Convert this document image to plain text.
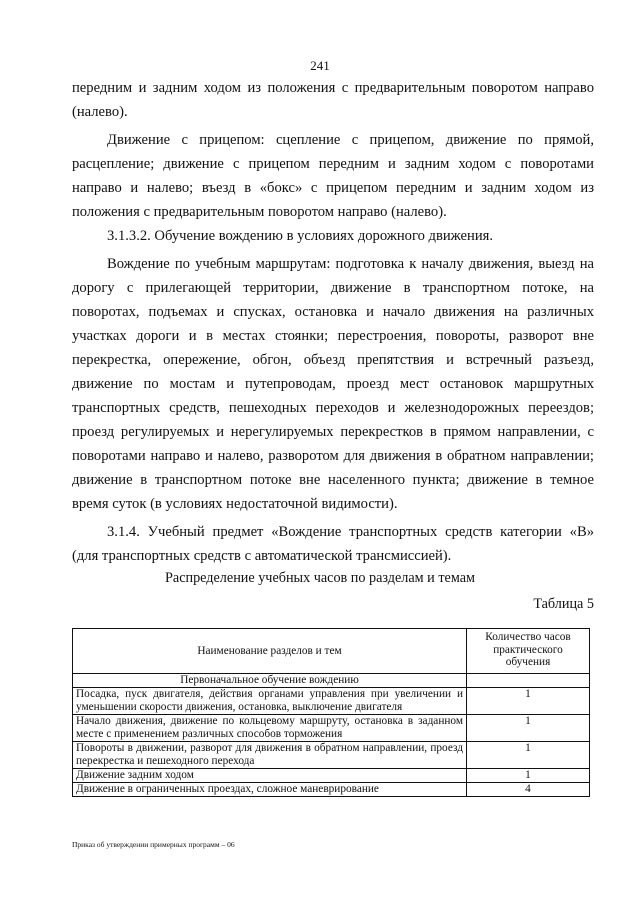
241

передним и задним ходом из положения с предварительным поворотом направо (налево).

Движение с прицепом: сцепление с прицепом, движение по прямой, расцепление; движение с прицепом передним и задним ходом с поворотами направо и налево; въезд в «бокс» с прицепом передним и задним ходом из положения с предварительным поворотом направо (налево).

3.1.3.2. Обучение вождению в условиях дорожного движения.

Вождение по учебным маршрутам: подготовка к началу движения, выезд на дорогу с прилегающей территории, движение в транспортном потоке, на поворотах, подъемах и спусках, остановка и начало движения на различных участках дороги и в местах стоянки; перестроения, повороты, разворот вне перекрестка, опережение, обгон, объезд препятствия и встречный разъезд, движение по мостам и путепроводам, проезд мест остановок маршрутных транспортных средств, пешеходных переходов и железнодорожных переездов; проезд регулируемых и нерегулируемых перекрестков в прямом направлении, с поворотами направо и налево, разворотом для движения в обратном направлении; движение в транспортном потоке вне населенного пункта; движение в темное время суток (в условиях недостаточной видимости).

3.1.4. Учебный предмет «Вождение транспортных средств категории «B» (для транспортных средств с автоматической трансмиссией).

Распределение учебных часов по разделам и темам
Таблица 5
Наименование разделов и тем	Количество часов практического обучения
Первоначальное обучение вождению	
Посадка, пуск двигателя, действия органами управления при увеличении и уменьшении скорости движения, остановка, выключение двигателя	1
Начало движения, движение по кольцевому маршруту, остановка в заданном месте с применением различных способов торможения	1
Повороты в движении, разворот для движения в обратном направлении, проезд перекрестка и пешеходного перехода	1
Движение задним ходом	1
Движение в ограниченных проездах, сложное маневрирование	4
Приказ об утверждении примерных программ – 06
